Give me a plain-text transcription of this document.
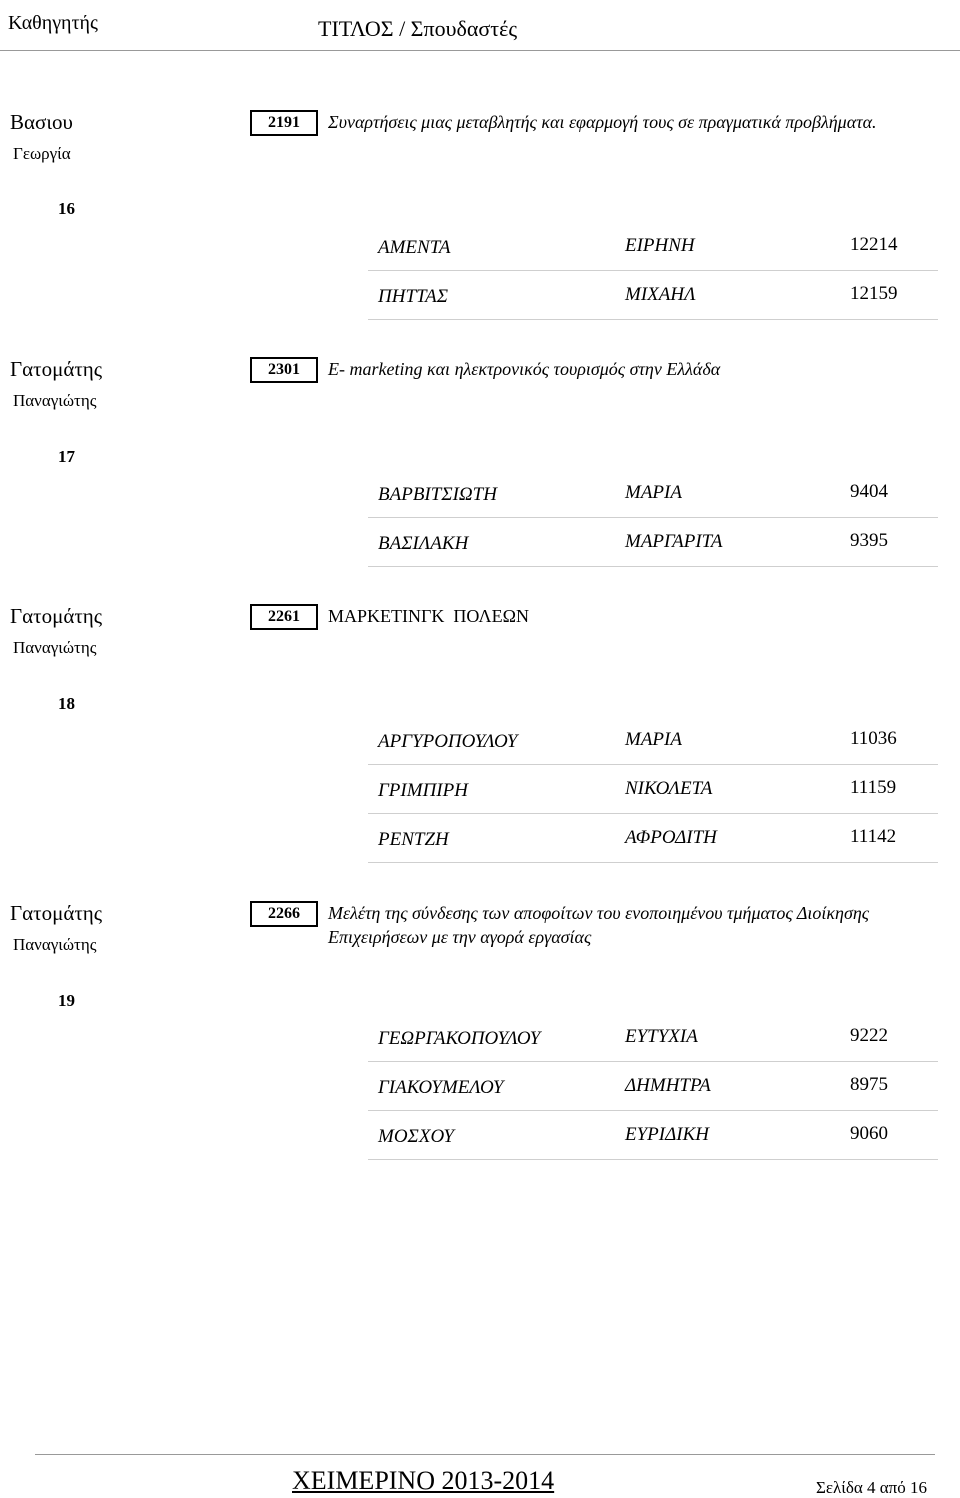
Καθηγητής	ΤΙΤΛΟΣ / Σπουδαστές
Βασιου
Γεωργία
2191	Συναρτήσεις μιας μεταβλητής και εφαρμογή τους σε πραγματικά προβλήματα.
16
ΑΜΕΝΤΑ	ΕΙΡΗΝΗ	12214
ΠΗΤΤΑΣ	ΜΙΧΑΗΛ	12159
Γατομάτης
Παναγιώτης
2301	E- marketing και ηλεκτρονικός τουρισμός στην Ελλάδα
17
ΒΑΡΒΙΤΣΙΩΤΗ	ΜΑΡΙΑ	9404
ΒΑΣΙΛΑΚΗ	ΜΑΡΓΑΡΙΤΑ	9395
Γατομάτης
Παναγιώτης
2261	ΜΑΡΚΕΤΙΝΓΚ  ΠΟΛΕΩΝ
18
ΑΡΓΥΡΟΠΟΥΛΟΥ	ΜΑΡΙΑ	11036
ΓΡΙΜΠΙΡΗ	ΝΙΚΟΛΕΤΑ	11159
ΡΕΝΤΖΗ	ΑΦΡΟΔΙΤΗ	11142
Γατομάτης
Παναγιώτης
2266	Μελέτη της σύνδεσης των αποφοίτων του ενοποιημένου τμήματος Διοίκησης Επιχειρήσεων με την αγορά εργασίας
19
ΓΕΩΡΓΑΚΟΠΟΥΛΟΥ	ΕΥΤΥΧΙΑ	9222
ΓΙΑΚΟΥΜΕΛΟΥ	ΔΗΜΗΤΡΑ	8975
ΜΟΣΧΟΥ	ΕΥΡΙΔΙΚΗ	9060
ΧΕΙΜΕΡΙΝΟ 2013-2014	Σελίδα 4 από 16
